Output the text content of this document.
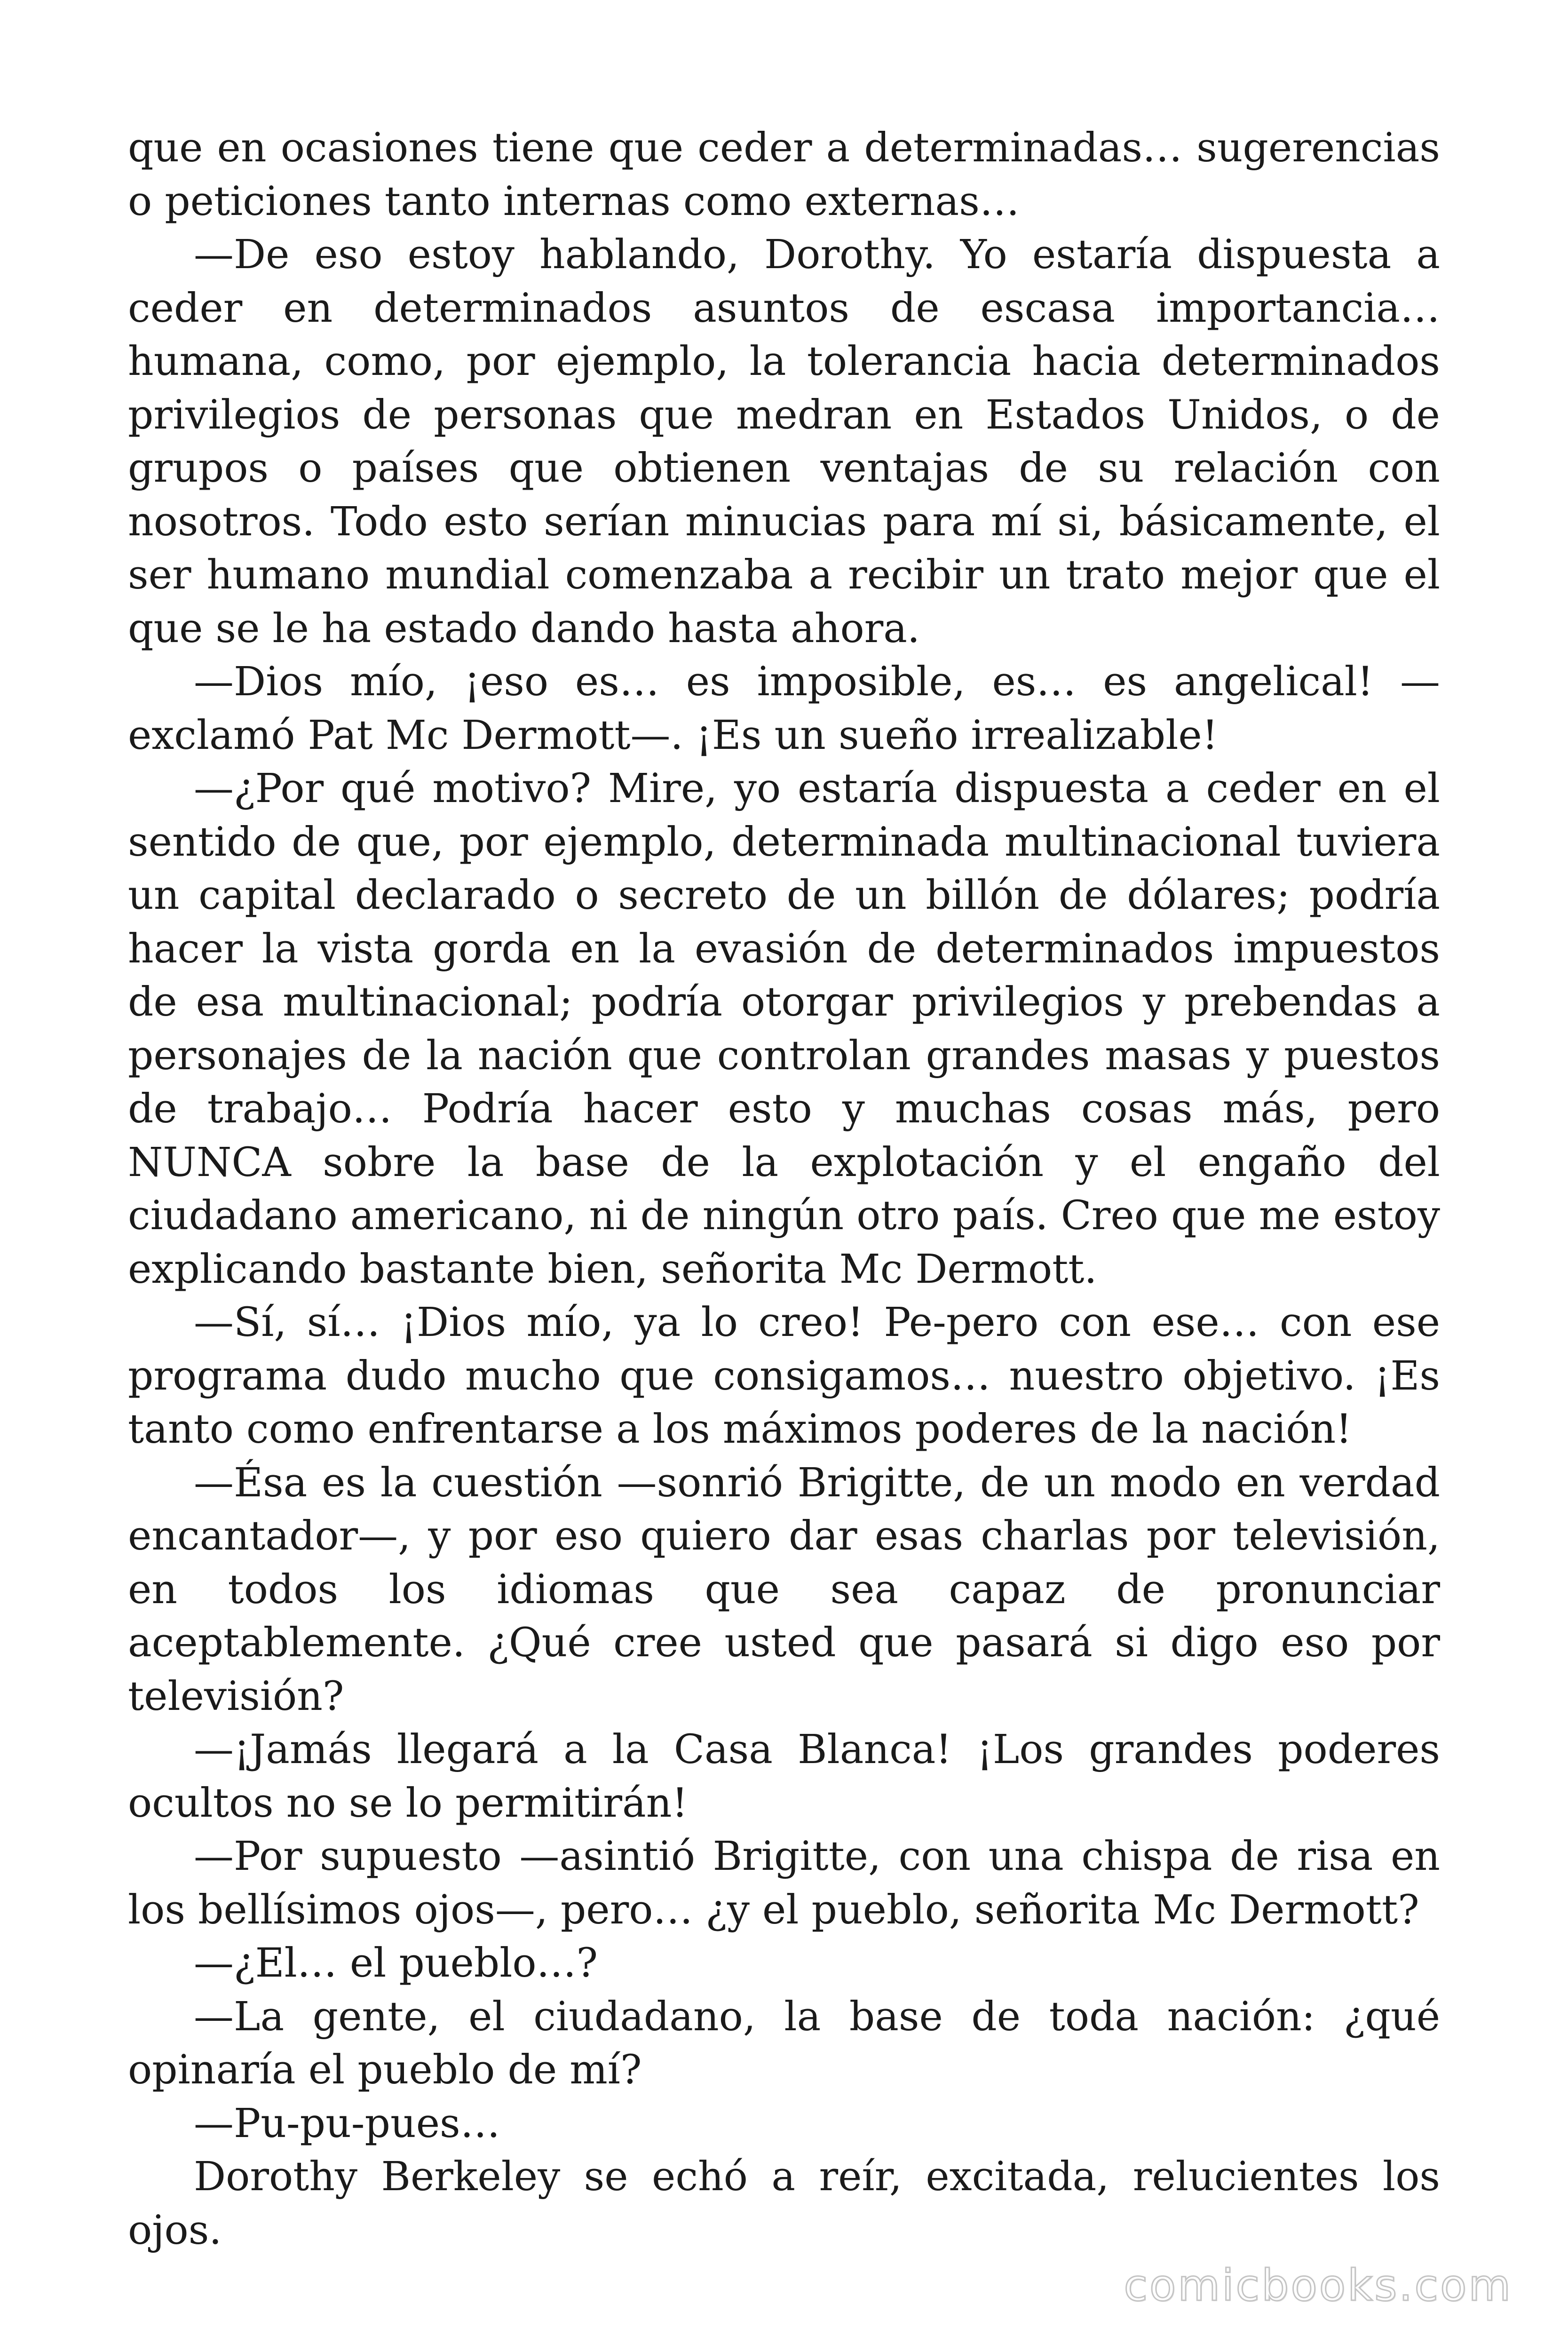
que en ocasiones tiene que ceder a determinadas… sugerencias o peticiones tanto internas como externas…

—De eso estoy hablando, Dorothy. Yo estaría dispuesta a ceder en determinados asuntos de escasa importancia… humana, como, por ejemplo, la tolerancia hacia determinados privilegios de personas que medran en Estados Unidos, o de grupos o países que obtienen ventajas de su relación con nosotros. Todo esto serían minucias para mí si, básicamente, el ser humano mundial comenzaba a recibir un trato mejor que el que se le ha estado dando hasta ahora.

—Dios mío, ¡eso es… es imposible, es… es angelical! —exclamó Pat Mc Dermott—. ¡Es un sueño irrealizable!

—¿Por qué motivo? Mire, yo estaría dispuesta a ceder en el sentido de que, por ejemplo, determinada multinacional tuviera un capital declarado o secreto de un billón de dólares; podría hacer la vista gorda en la evasión de determinados impuestos de esa multinacional; podría otorgar privilegios y prebendas a personajes de la nación que controlan grandes masas y puestos de trabajo… Podría hacer esto y muchas cosas más, pero NUNCA sobre la base de la explotación y el engaño del ciudadano americano, ni de ningún otro país. Creo que me estoy explicando bastante bien, señorita Mc Dermott.

—Sí, sí… ¡Dios mío, ya lo creo! Pe-pero con ese… con ese programa dudo mucho que consigamos… nuestro objetivo. ¡Es tanto como enfrentarse a los máximos poderes de la nación!

—Ésa es la cuestión —sonrió Brigitte, de un modo en verdad encantador—, y por eso quiero dar esas charlas por televisión, en todos los idiomas que sea capaz de pronunciar aceptablemente. ¿Qué cree usted que pasará si digo eso por televisión?

—¡Jamás llegará a la Casa Blanca! ¡Los grandes poderes ocultos no se lo permitirán!

—Por supuesto —asintió Brigitte, con una chispa de risa en los bellísimos ojos—, pero… ¿y el pueblo, señorita Mc Dermott?

—¿El… el pueblo…?

—La gente, el ciudadano, la base de toda nación: ¿qué opinaría el pueblo de mí?

—Pu-pu-pues…

Dorothy Berkeley se echó a reír, excitada, relucientes los ojos.

comicbooks.com
